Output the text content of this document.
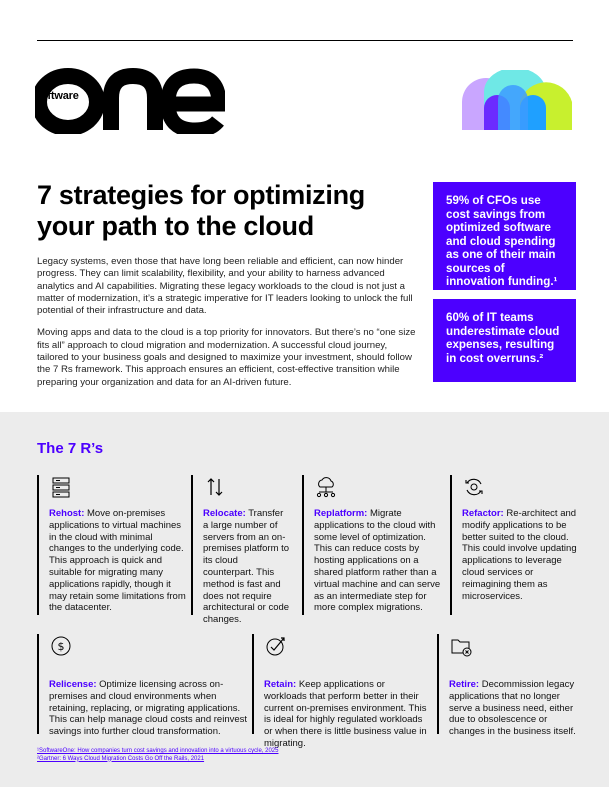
software
7 strategies for optimizing your path to the cloud

Legacy systems, even those that have long been reliable and efficient, can now hinder progress. They can limit scalability, flexibility, and your ability to harness advanced analytics and AI capabilities. Migrating these legacy workloads to the cloud is not just a matter of modernization, it’s a strategic imperative for IT leaders looking to unlock the full potential of their infrastructure and data.

Moving apps and data to the cloud is a top priority for innovators. But there’s no “one size fits all” approach to cloud migration and modernization. A successful cloud journey, tailored to your business goals and designed to maximize your investment, should follow the 7 Rs framework. This approach ensures an efficient, cost-effective transition while preparing your organization and data for an AI-driven future.

59% of CFOs use cost savings from optimized software and cloud spending as one of their main sources of innovation funding.¹
60% of IT teams underestimate cloud expenses, resulting in cost overruns.²
The 7 R’s
Rehost: Move on-premises applications to virtual machines in the cloud with minimal changes to the underlying code. This approach is quick and suitable for migrating many applications rapidly, though it may retain some limitations from the datacenter.
Relocate: Transfer a large number of servers from an on-premises platform to its cloud counterpart. This method is fast and does not require architectural or code changes.
Replatform: Migrate applications to the cloud with some level of optimization. This can reduce costs by hosting applications on a shared platform rather than a virtual machine and can serve as an intermediate step for more complex migrations.
Refactor: Re-architect and modify applications to be better suited to the cloud. This could involve updating applications to leverage cloud services or reimagining them as microservices.
$
Relicense: Optimize licensing across on-premises and cloud environments when retaining, replacing, or migrating applications. This can help manage cloud costs and reinvest savings into further cloud transformation.
Retain: Keep applications or workloads that perform better in their current on-premises environment. This is ideal for highly regulated workloads or when there is little business value in migrating.
Retire: Decommission legacy applications that no longer serve a business need, either due to obsolescence or changes in the business itself.
¹SoftwareOne: How companies turn cost savings and innovation into a virtuous cycle, 2025
²Gartner: 6 Ways Cloud Migration Costs Go Off the Rails, 2021
